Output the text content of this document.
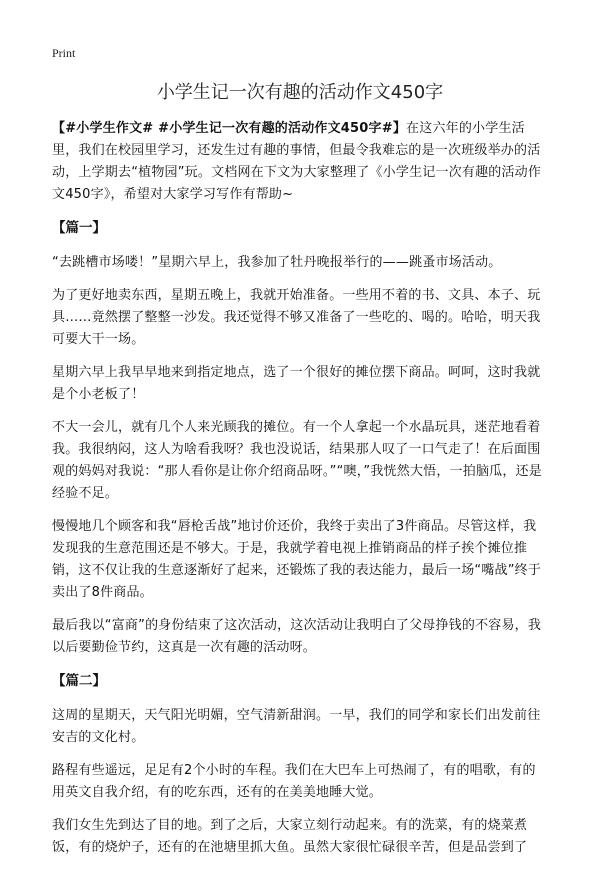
Print
小学生记一次有趣的活动作文450字

【#小学生作文# #小学生记一次有趣的活动作文450字#】在这六年的小学生活里，我们在校园里学习，还发生过有趣的事情，但最令我难忘的是一次班级举办的活动，上学期去“植物园”玩。文档网在下文为大家整理了《小学生记一次有趣的活动作文450字》，希望对大家学习写作有帮助~

【篇一】

“去跳槽市场喽！”星期六早上，我参加了牡丹晚报举行的——跳蚤市场活动。

为了更好地卖东西，星期五晚上，我就开始准备。一些用不着的书、文具、本子、玩具……竟然摆了整整一沙发。我还觉得不够又准备了一些吃的、喝的。哈哈，明天我可要大干一场。

星期六早上我早早地来到指定地点，选了一个很好的摊位摆下商品。呵呵，这时我就是个小老板了！

不大一会儿，就有几个人来光顾我的摊位。有一个人拿起一个水晶玩具，迷茫地看着我。我很纳闷，这人为啥看我呀？我也没说话，结果那人叹了一口气走了！在后面围观的妈妈对我说：“那人看你是让你介绍商品呀。”“噢，”我恍然大悟，一拍脑瓜，还是经验不足。

慢慢地几个顾客和我“唇枪舌战”地讨价还价，我终于卖出了3件商品。尽管这样，我发现我的生意范围还是不够大。于是，我就学着电视上推销商品的样子挨个摊位推销，这不仅让我的生意逐渐好了起来，还锻炼了我的表达能力，最后一场“嘴战”终于卖出了8件商品。

最后我以“富商”的身份结束了这次活动，这次活动让我明白了父母挣钱的不容易，我以后要勤俭节约，这真是一次有趣的活动呀。

【篇二】

这周的星期天，天气阳光明媚，空气清新甜润。一早，我们的同学和家长们出发前往安吉的文化村。

路程有些遥远，足足有2个小时的车程。我们在大巴车上可热闹了，有的唱歌，有的用英文自我介绍，有的吃东西，还有的在美美地睡大觉。

我们女生先到达了目的地。到了之后，大家立刻行动起来。有的洗菜，有的烧菜煮饭，有的烧炉子，还有的在池塘里抓大鱼。虽然大家很忙碌很辛苦，但是品尝到了
